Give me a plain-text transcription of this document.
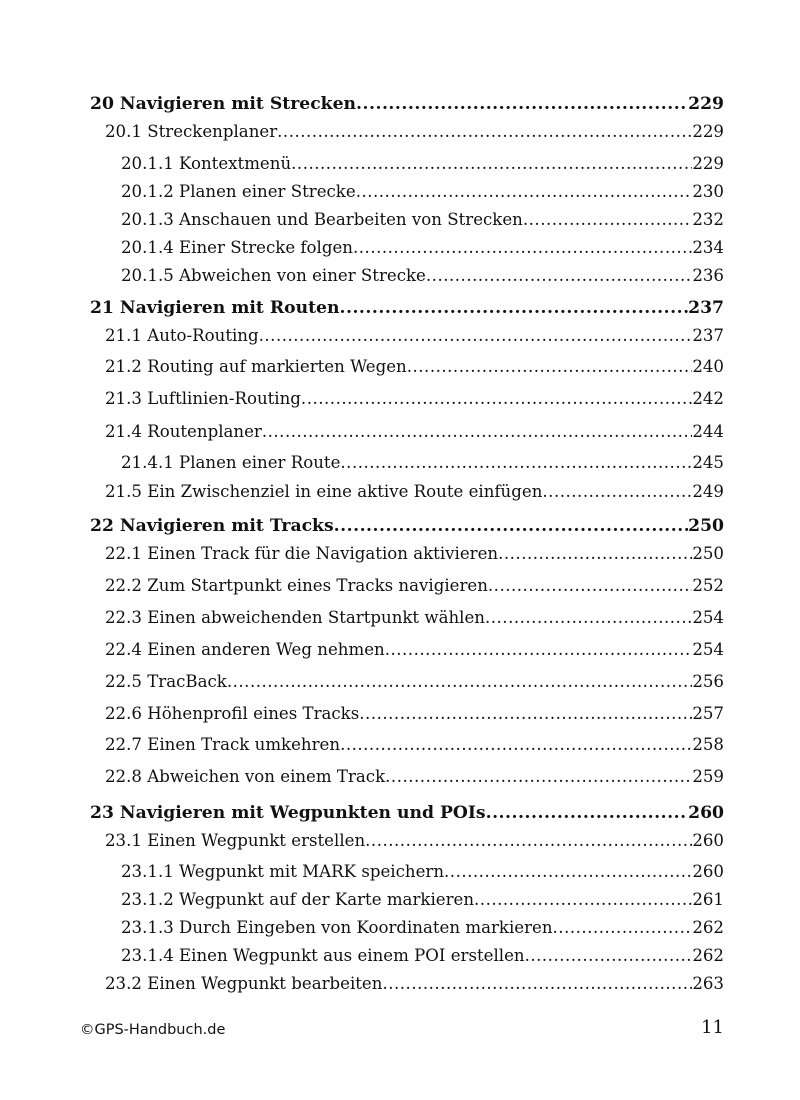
20 Navigieren mit Strecken .....	229
20.1 Streckenplaner .....	229
20.1.1 Kontextmenü .....	229
20.1.2 Planen einer Strecke .....	230
20.1.3 Anschauen und Bearbeiten von Strecken .....	232
20.1.4 Einer Strecke folgen .....	234
20.1.5 Abweichen von einer Strecke .....	236
21 Navigieren mit Routen .....	237
21.1 Auto-Routing .....	237
21.2 Routing auf markierten Wegen .....	240
21.3 Luftlinien-Routing .....	242
21.4 Routenplaner .....	244
21.4.1 Planen einer Route .....	245
21.5 Ein Zwischenziel in eine aktive Route einfügen .....	249
22 Navigieren mit Tracks .....	250
22.1 Einen Track für die Navigation aktivieren .....	250
22.2 Zum Startpunkt eines Tracks navigieren .....	252
22.3 Einen abweichenden Startpunkt wählen .....	254
22.4 Einen anderen Weg nehmen .....	254
22.5 TracBack .....	256
22.6 Höhenprofil eines Tracks .....	257
22.7 Einen Track umkehren .....	258
22.8 Abweichen von einem Track .....	259
23 Navigieren mit Wegpunkten und POIs .....	260
23.1 Einen Wegpunkt erstellen .....	260
23.1.1 Wegpunkt mit MARK speichern .....	260
23.1.2 Wegpunkt auf der Karte markieren .....	261
23.1.3 Durch Eingeben von Koordinaten markieren .....	262
23.1.4 Einen Wegpunkt aus einem POI erstellen .....	262
23.2 Einen Wegpunkt bearbeiten .....	263
©GPS-Handbuch.de	11
